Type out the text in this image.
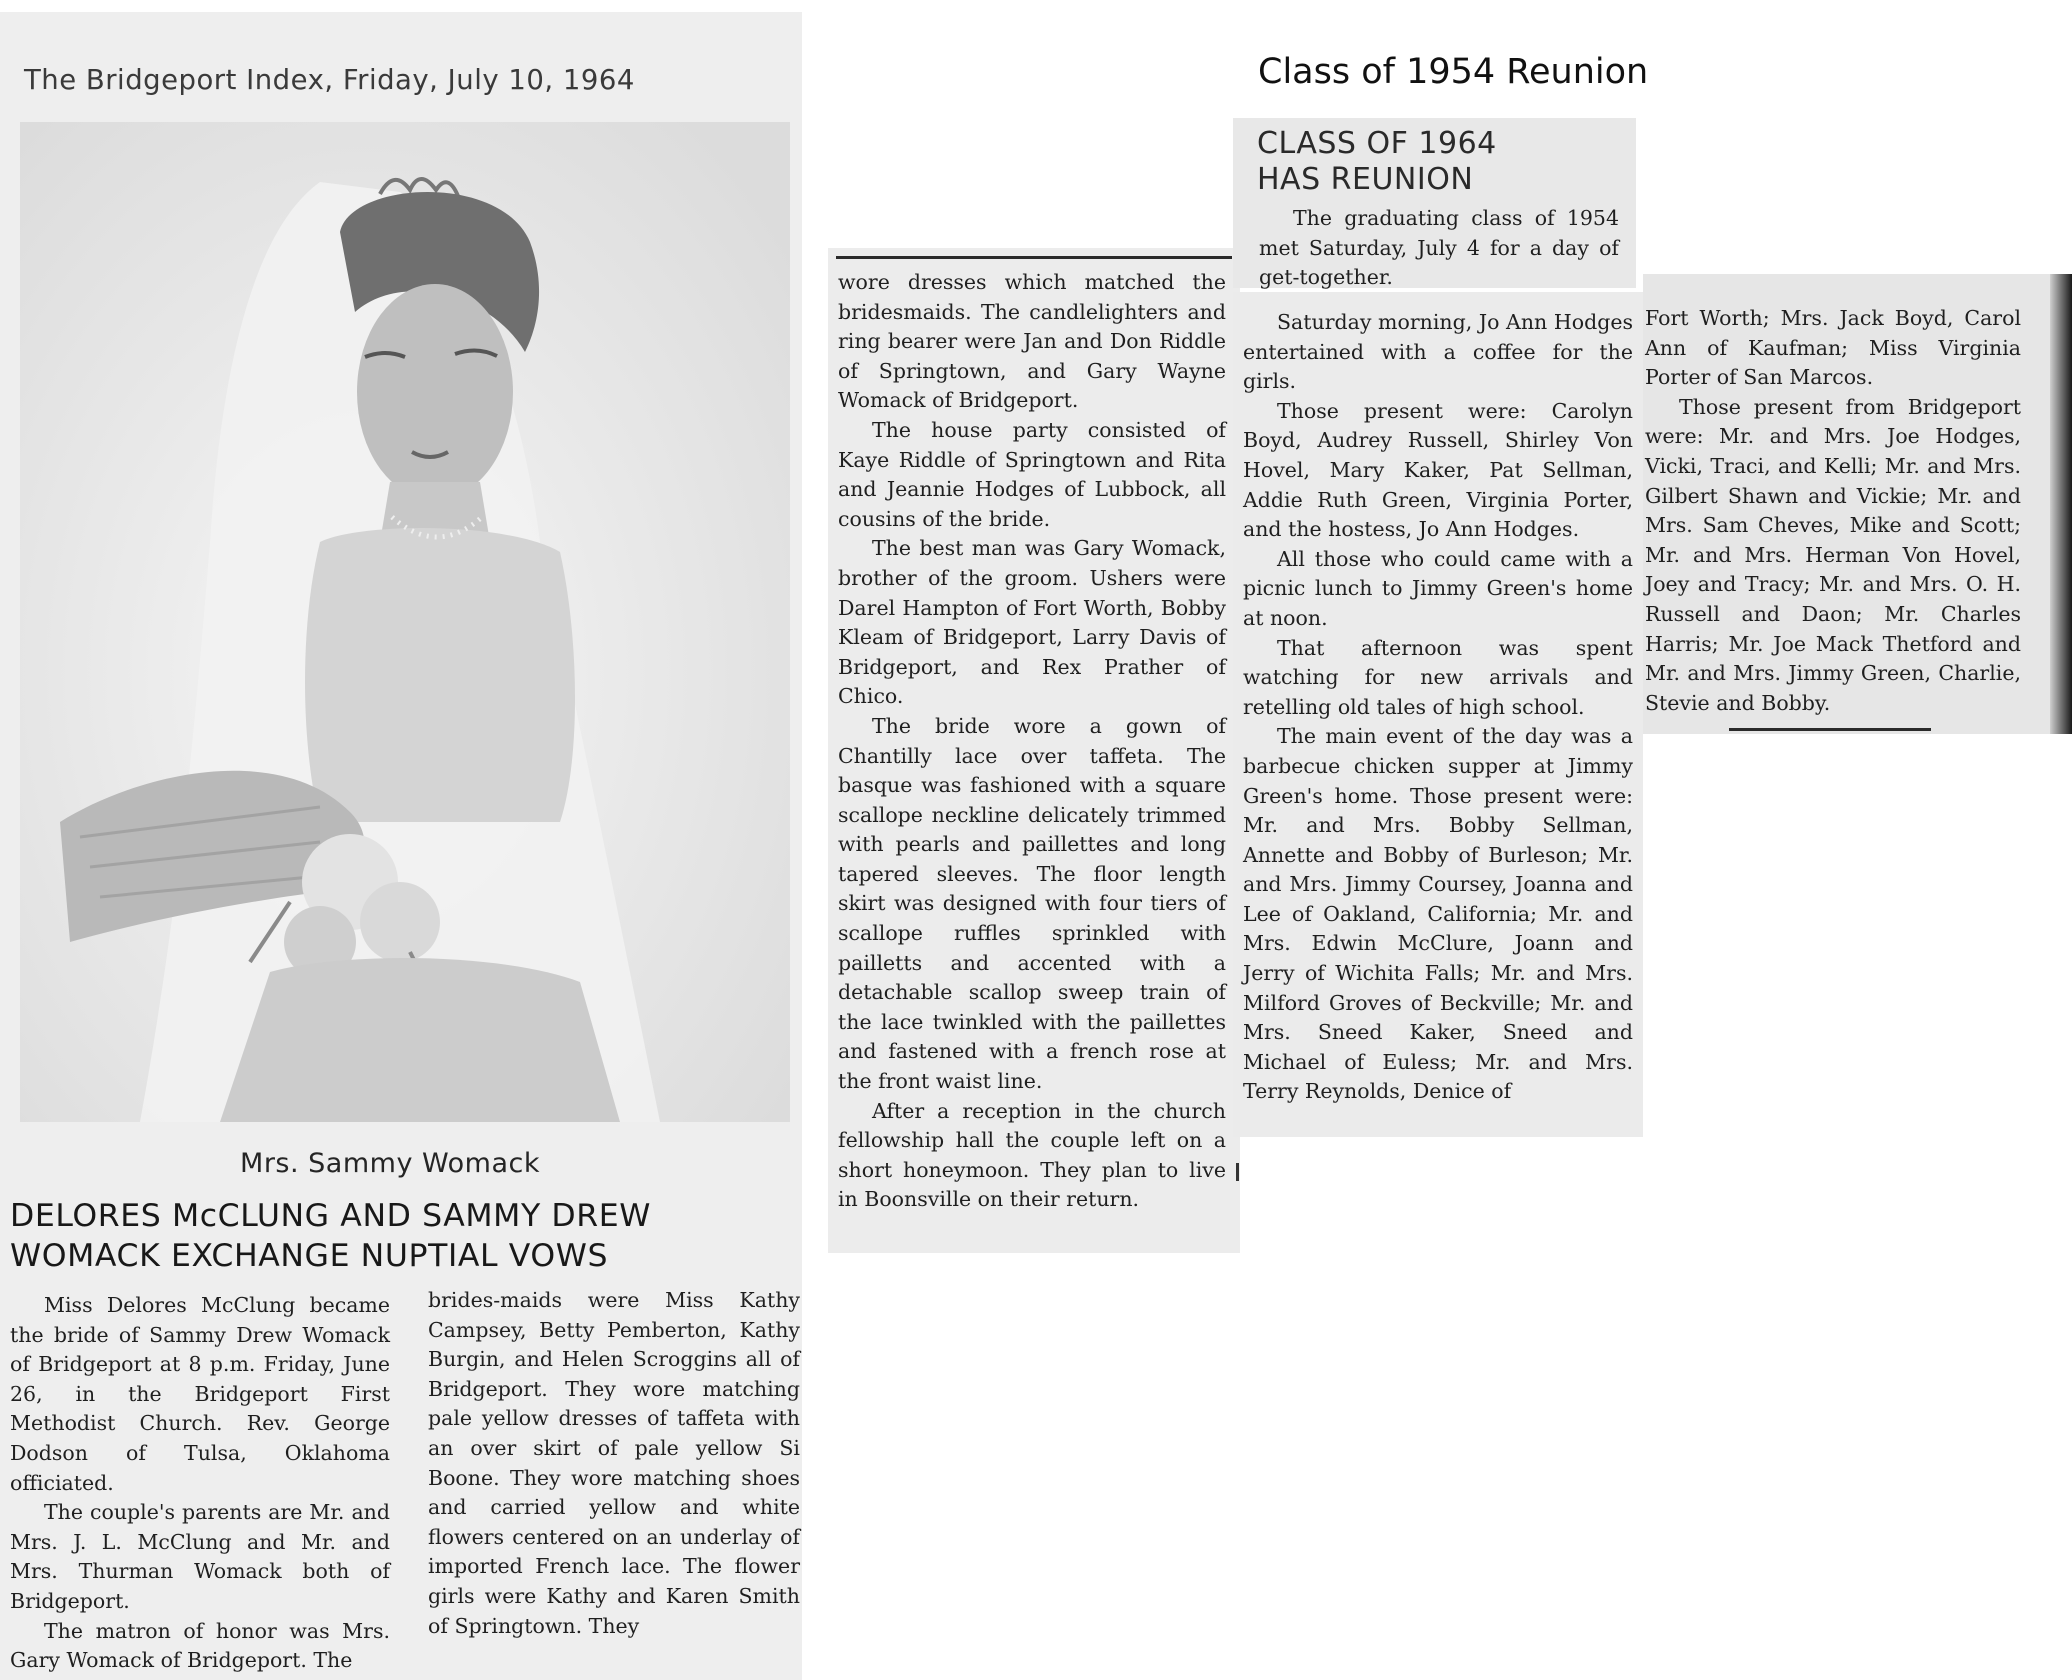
The Bridgeport Index, Friday, July 10, 1964
Mrs. Sammy Womack
DELORES McCLUNG AND SAMMY DREW
WOMACK EXCHANGE NUPTIAL VOWS

Miss Delores McClung became the bride of Sammy Drew Womack of Bridgeport at 8 p.m. Friday, June 26, in the Bridgeport First Methodist Church. Rev. George Dodson of Tulsa, Oklahoma officiated.

The couple's parents are Mr. and Mrs. J. L. McClung and Mr. and Mrs. Thurman Womack both of Bridgeport.

The matron of honor was Mrs. Gary Womack of Bridgeport. The

brides-maids were Miss Kathy Campsey, Betty Pemberton, Kathy Burgin, and Helen Scroggins all of Bridgeport. They wore matching pale yellow dresses of taffeta with an over skirt of pale yellow Si Boone. They wore matching shoes and carried yellow and white flowers centered on an underlay of imported French lace. The flower girls were Kathy and Karen Smith of Springtown. They

wore dresses which matched the bridesmaids. The candlelighters and ring bearer were Jan and Don Riddle of Springtown, and Gary Wayne Womack of Bridgeport.

The house party consisted of Kaye Riddle of Springtown and Rita and Jeannie Hodges of Lubbock, all cousins of the bride.

The best man was Gary Womack, brother of the groom. Ushers were Darel Hampton of Fort Worth, Bobby Kleam of Bridgeport, Larry Davis of Bridgeport, and Rex Prather of Chico.

The bride wore a gown of Chantilly lace over taffeta. The basque was fashioned with a square scallope neckline delicately trimmed with pearls and paillettes and long tapered sleeves. The floor length skirt was designed with four tiers of scallope ruffles sprinkled with pailletts and accented with a detachable scallop sweep train of the lace twinkled with the paillettes and fastened with a french rose at the front waist line.

After a reception in the church fellowship hall the couple left on a short honeymoon. They plan to live in Boonsville on their return.

Class of 1954 Reunion
CLASS OF 1964
HAS REUNION

The graduating class of 1954 met Saturday, July 4 for a day of get-together.

Saturday morning, Jo Ann Hodges entertained with a coffee for the girls.

Those present were: Carolyn Boyd, Audrey Russell, Shirley Von Hovel, Mary Kaker, Pat Sellman, Addie Ruth Green, Virginia Porter, and the hostess, Jo Ann Hodges.

All those who could came with a picnic lunch to Jimmy Green's home at noon.

That afternoon was spent watching for new arrivals and retelling old tales of high school.

The main event of the day was a barbecue chicken supper at Jimmy Green's home. Those present were: Mr. and Mrs. Bobby Sellman, Annette and Bobby of Burleson; Mr. and Mrs. Jimmy Coursey, Joanna and Lee of Oakland, California; Mr. and Mrs. Edwin McClure, Joann and Jerry of Wichita Falls; Mr. and Mrs. Milford Groves of Beckville; Mr. and Mrs. Sneed Kaker, Sneed and Michael of Euless; Mr. and Mrs. Terry Reynolds, Denice of

Fort Worth; Mrs. Jack Boyd, Carol Ann of Kaufman; Miss Virginia Porter of San Marcos.

Those present from Bridgeport were: Mr. and Mrs. Joe Hodges, Vicki, Traci, and Kelli; Mr. and Mrs. Gilbert Shawn and Vickie; Mr. and Mrs. Sam Cheves, Mike and Scott; Mr. and Mrs. Herman Von Hovel, Joey and Tracy; Mr. and Mrs. O. H. Russell and Daon; Mr. Charles Harris; Mr. Joe Mack Thetford and Mr. and Mrs. Jimmy Green, Charlie, Stevie and Bobby.
